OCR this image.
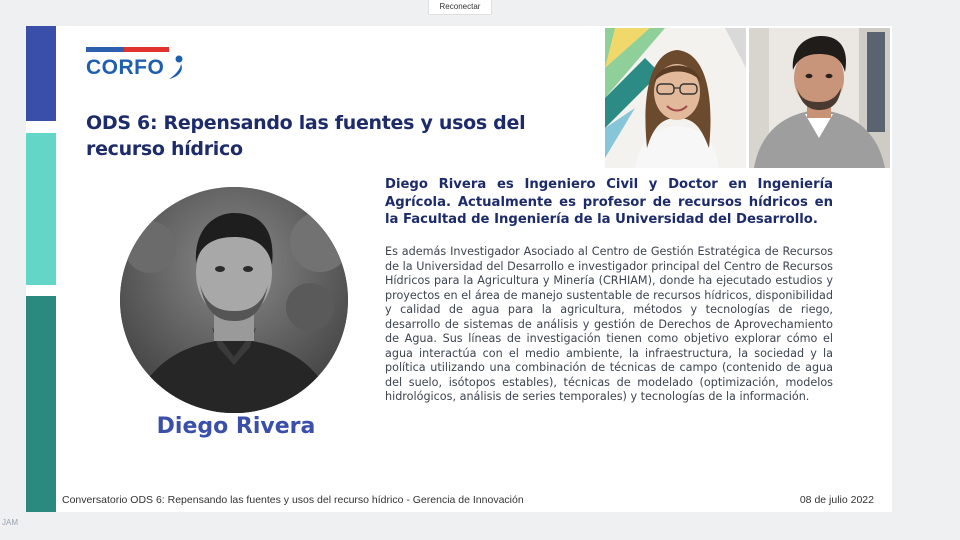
Reconectar
CORFO
ODS 6: Repensando las fuentes y usos del recurso hídrico
Diego Rivera
Diego Rivera es Ingeniero Civil y Doctor en Ingeniería Agrícola. Actualmente es profesor de recursos hídricos en la Facultad de Ingeniería de la Universidad del Desarrollo.
Es además Investigador Asociado al Centro de Gestión Estratégica de Recursos de la Universidad del Desarrollo e investigador principal del Centro de Recursos Hídricos para la Agricultura y Minería (CRHIAM), donde ha ejecutado estudios y proyectos en el área de manejo sustentable de recursos hídricos, disponibilidad y calidad de agua para la agricultura, métodos y tecnologías de riego, desarrollo de sistemas de análisis y gestión de Derechos de Aprovechamiento de Agua. Sus líneas de investigación tienen como objetivo explorar cómo el agua interactúa con el medio ambiente, la infraestructura, la sociedad y la política utilizando una combinación de técnicas de campo (contenido de agua del suelo, isótopos estables), técnicas de modelado (optimización, modelos hidrológicos, análisis de series temporales) y tecnologías de la información.
Conversatorio ODS 6: Repensando las fuentes y usos del recurso hídrico - Gerencia de Innovación	08 de julio 2022
JAM
